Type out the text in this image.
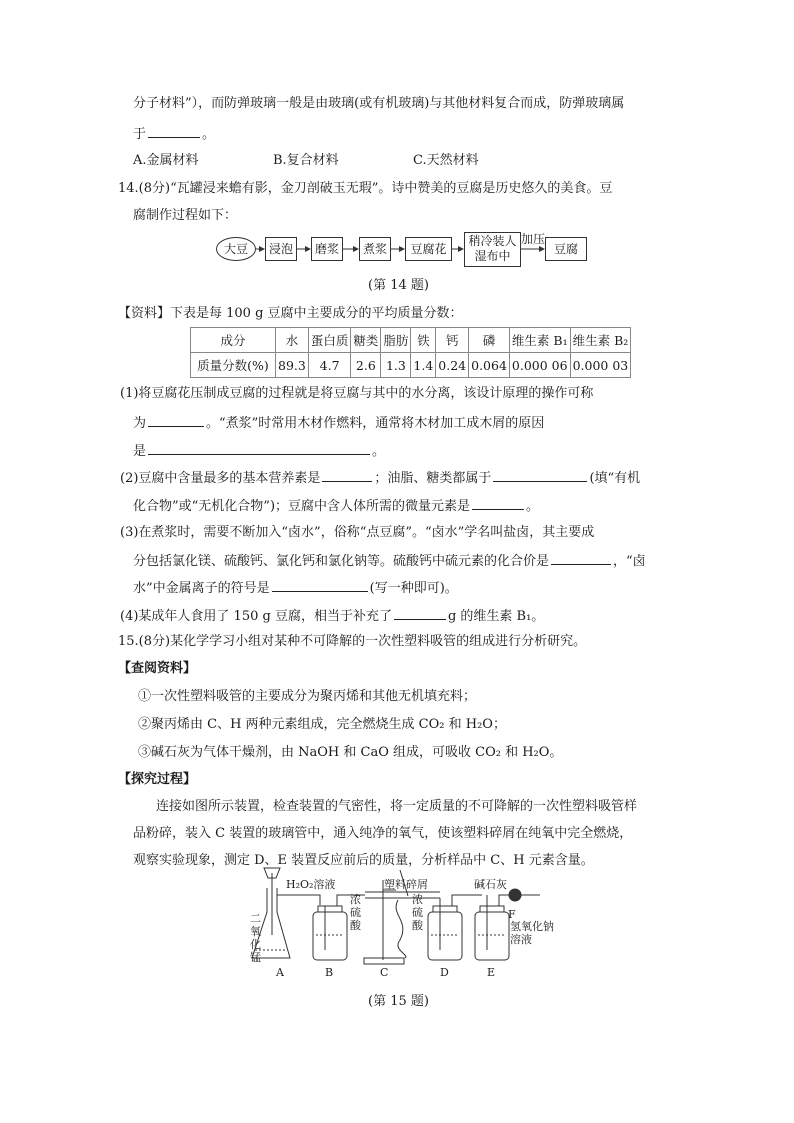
分子材料”），而防弹玻璃一般是由玻璃(或有机玻璃)与其他材料复合而成，防弹玻璃属
于	。
A.金属材料	B.复合材料	C.天然材料
14.(8分)“瓦罐浸来蟾有影，金刀剖破玉无瑕”。诗中赞美的豆腐是历史悠久的美食。豆
腐制作过程如下：
大豆	浸泡	磨浆	煮浆	豆腐花
稍冷装人
湿布中
加压
豆腐
(第 14 题)
【资料】下表是每 100 g 豆腐中主要成分的平均质量分数：
成分	水	蛋白质	糖类	脂肪	铁	钙	磷	维生素 B₁	维生素 B₂
质量分数(%)	89.3	4.7	2.6	1.3	1.4	0.24	0.064	0.000 06	0.000 03
(1)将豆腐花压制成豆腐的过程就是将豆腐与其中的水分离，该设计原理的操作可称
为	。“煮浆”时常用木材作燃料，通常将木材加工成木屑的原因
是	。
(2)豆腐中含量最多的基本营养素是	；油脂、糖类都属于	(填“有机
化合物”或“无机化合物”)；豆腐中含人体所需的微量元素是	。
(3)在煮浆时，需要不断加入“卤水”，俗称“点豆腐”。“卤水”学名叫盐卤，其主要成
分包括氯化镁、硫酸钙、氯化钙和氯化钠等。硫酸钙中硫元素的化合价是	，“卤
水”中金属离子的符号是	(写一种即可)。
(4)某成年人食用了 150 g 豆腐，相当于补充了	g 的维生素 B₁。
15.(8分)某化学学习小组对某种不可降解的一次性塑料吸管的组成进行分析研究。
【查阅资料】
①一次性塑料吸管的主要成分为聚丙烯和其他无机填充料；
②聚丙烯由 C、H 两种元素组成，完全燃烧生成 CO₂ 和 H₂O；
③碱石灰为气体干燥剂，由 NaOH 和 CaO 组成，可吸收 CO₂ 和 H₂O。
【探究过程】
连接如图所示装置，检查装置的气密性，将一定质量的不可降解的一次性塑料吸管样
品粉碎，装入 C 装置的玻璃管中，通入纯净的氧气，使该塑料碎屑在纯氧中完全燃烧，
观察实验现象，测定 D、E 装置反应前后的质量，分析样品中 C、H 元素含量。
H₂O₂溶液	塑料碎屑	碱石灰
二
氧
化
锰
浓
硫
酸
浓
硫
酸	氢氧化钠
溶液
A	B	C	D	E
F
(第 15 题)
